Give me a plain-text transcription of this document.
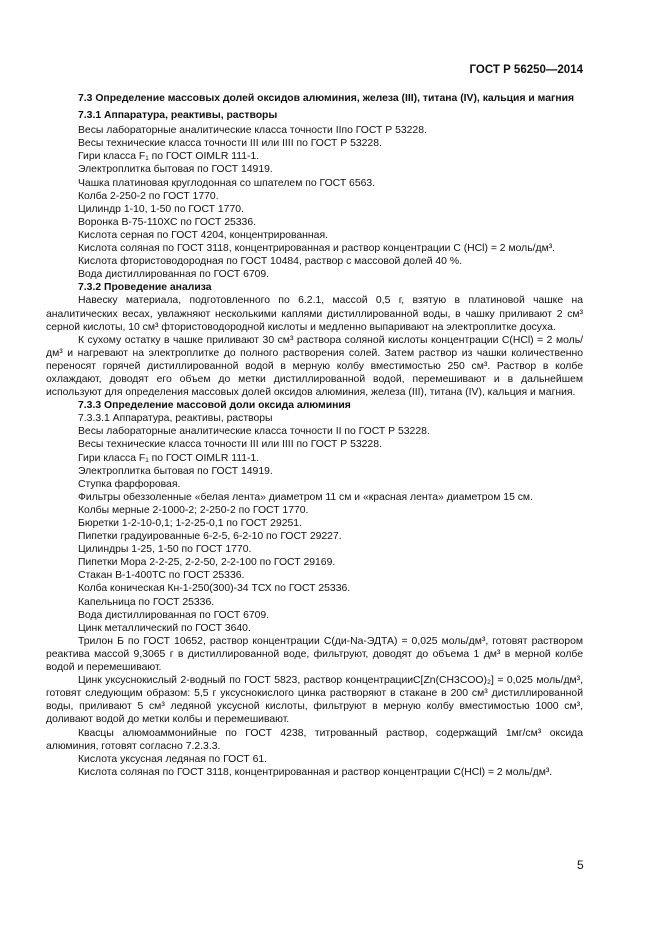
ГОСТ Р 56250—2014

7.3 Определение массовых долей оксидов алюминия, железа (III), титана (IV), кальция и магния

7.3.1 Аппаратура, реактивы, растворы

Весы лабораторные аналитические класса точности IIпо ГОСТ Р 53228.

Весы технические класса точности III или IIII по ГОСТ Р 53228.

Гири класса F₁ по ГОСТ OIMLR 111-1.

Электроплитка бытовая по ГОСТ 14919.

Чашка платиновая круглодонная со шпателем по ГОСТ 6563.

Колба 2-250-2 по ГОСТ 1770.

Цилиндр 1-10, 1-50 по ГОСТ 1770.

Воронка В-75-110ХС по ГОСТ 25336.

Кислота серная по ГОСТ 4204, концентрированная.

Кислота соляная по ГОСТ 3118, концентрированная и раствор концентрации С (HCl) = 2 моль/дм³.

Кислота фтористоводородная по ГОСТ 10484, раствор с массовой долей 40 %.

Вода дистиллированная по ГОСТ 6709.

7.3.2 Проведение анализа

Навеску материала, подготовленного по 6.2.1, массой 0,5 г, взятую в платиновой чашке на аналитических весах, увлажняют несколькими каплями дистиллированной воды, в чашку приливают 2 см³ серной кислоты, 10 см³ фтористоводородной кислоты и медленно выпаривают на электроплитке досуха.

К сухому остатку в чашке приливают 30 см³ раствора соляной кислоты концентрации С(HCl) = 2 моль/дм³ и нагревают на электроплитке до полного растворения солей. Затем раствор из чашки количественно переносят горячей дистиллированной водой в мерную колбу вместимостью 250 см³. Раствор в колбе охлаждают, доводят его объем до метки дистиллированной водой, перемешивают и в дальнейшем используют для определения массовых долей оксидов алюминия, железа (III), титана (IV), кальция и магния.

7.3.3 Определение массовой доли оксида алюминия

7.3.3.1 Аппаратура, реактивы, растворы

Весы лабораторные аналитические класса точности II по ГОСТ Р 53228.

Весы технические класса точности III или IIII по ГОСТ Р 53228.

Гири класса F₁ по ГОСТ OIMLR 111-1.

Электроплитка бытовая по ГОСТ 14919.

Ступка фарфоровая.

Фильтры обеззоленные «белая лента» диаметром 11 см и «красная лента» диаметром 15 см.

Колбы мерные 2-1000-2; 2-250-2 по ГОСТ 1770.

Бюретки 1-2-10-0,1; 1-2-25-0,1 по ГОСТ 29251.

Пипетки градуированные 6-2-5, 6-2-10 по ГОСТ 29227.

Цилиндры 1-25, 1-50 по ГОСТ 1770.

Пипетки Мора 2-2-25, 2-2-50, 2-2-100 по ГОСТ 29169.

Стакан В-1-400ТС по ГОСТ 25336.

Колба коническая Кн-1-250(300)-34 ТСХ по ГОСТ 25336.

Капельница по ГОСТ 25336.

Вода дистиллированная по ГОСТ 6709.

Цинк металлический по ГОСТ 3640.

Трилон Б по ГОСТ 10652, раствор концентрации С(ди-Na-ЭДТА) = 0,025 моль/дм³, готовят раствором реактива массой 9,3065 г в дистиллированной воде, фильтруют, доводят до объема 1 дм³ в мерной колбе водой и перемешивают.

Цинк уксуснокислый 2-водный по ГОСТ 5823, раствор концентрацииС[Zn(CH3COO)₂] = 0,025 моль/дм³, готовят следующим образом: 5,5 г уксуснокислого цинка растворяют в стакане в 200 см³ дистиллированной воды, приливают 5 см³ ледяной уксусной кислоты, фильтруют в мерную колбу вместимостью 1000 см³, доливают водой до метки колбы и перемешивают.

Квасцы алюмоаммонийные по ГОСТ 4238, титрованный раствор, содержащий 1мг/см³ оксида алюминия, готовят согласно 7.2.3.3.

Кислота уксусная ледяная по ГОСТ 61.

Кислота соляная по ГОСТ 3118, концентрированная и раствор концентрации С(HCl) = 2 моль/дм³.

5
